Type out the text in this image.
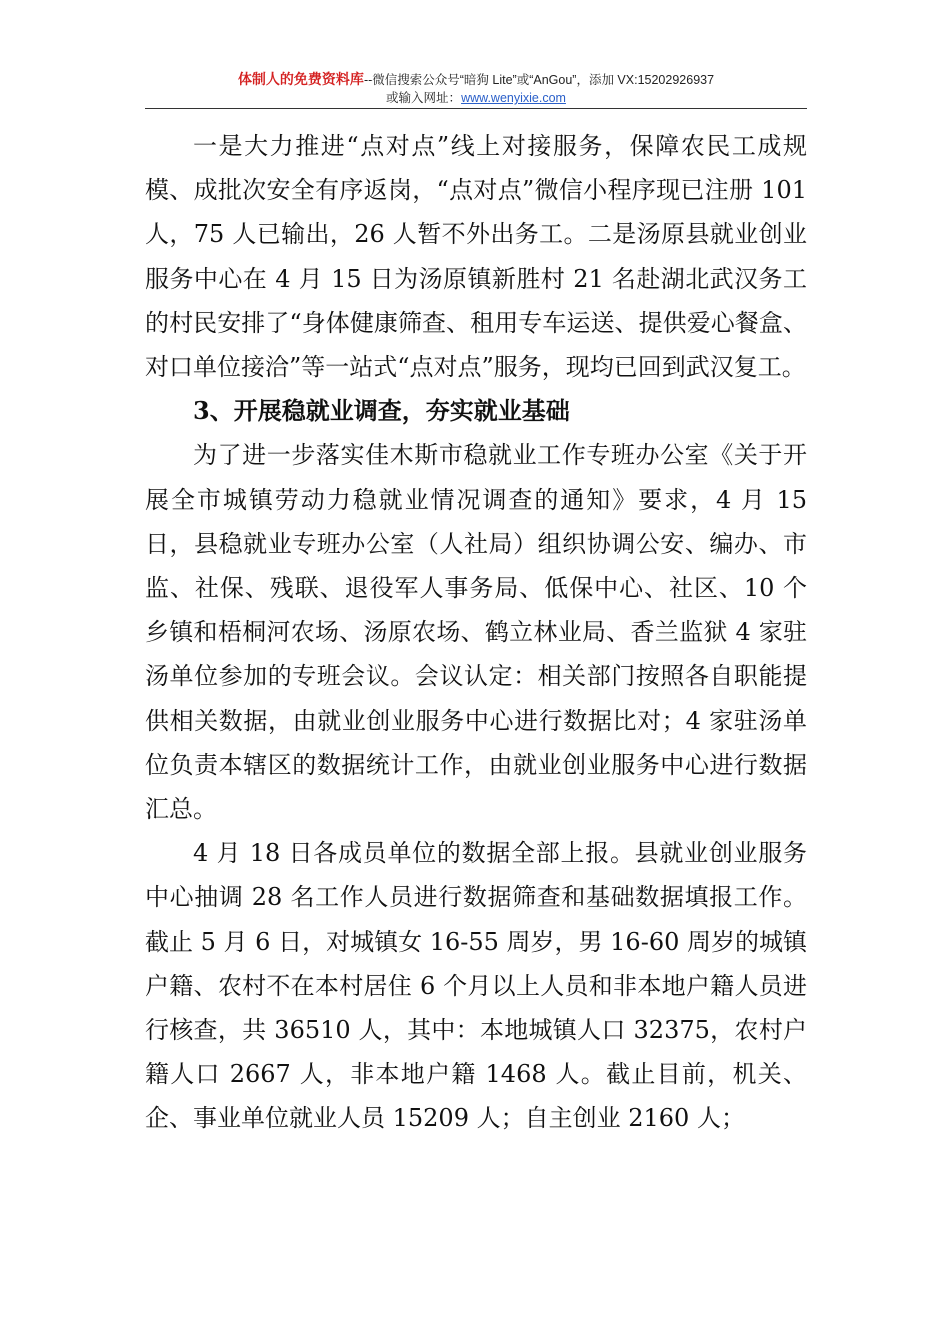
体制人的免费资料库--微信搜索公众号“暗狗 Lite”或“AnGou”，添加 VX:15202926937
或输入网址：www.wenyixie.com

一是大力推进“点对点”线上对接服务，保障农民工成规模、成批次安全有序返岗，“点对点”微信小程序现已注册 101 人，75 人已输出，26 人暂不外出务工。二是汤原县就业创业服务中心在 4 月 15 日为汤原镇新胜村 21 名赴湖北武汉务工的村民安排了“身体健康筛查、租用专车运送、提供爱心餐盒、对口单位接洽”等一站式“点对点”服务，现均已回到武汉复工。

3、开展稳就业调查，夯实就业基础

为了进一步落实佳木斯市稳就业工作专班办公室《关于开展全市城镇劳动力稳就业情况调查的通知》要求，4 月 15 日，县稳就业专班办公室（人社局）组织协调公安、编办、市监、社保、残联、退役军人事务局、低保中心、社区、10 个乡镇和梧桐河农场、汤原农场、鹤立林业局、香兰监狱 4 家驻汤单位参加的专班会议。会议认定：相关部门按照各自职能提供相关数据，由就业创业服务中心进行数据比对；4 家驻汤单位负责本辖区的数据统计工作，由就业创业服务中心进行数据汇总。

4 月 18 日各成员单位的数据全部上报。县就业创业服务中心抽调 28 名工作人员进行数据筛查和基础数据填报工作。截止 5 月 6 日，对城镇女 16-55 周岁，男 16-60 周岁的城镇户籍、农村不在本村居住 6 个月以上人员和非本地户籍人员进行核查，共 36510 人，其中：本地城镇人口 32375，农村户籍人口 2667 人，非本地户籍 1468 人。截止目前，机关、企、事业单位就业人员 15209 人；自主创业 2160 人；
